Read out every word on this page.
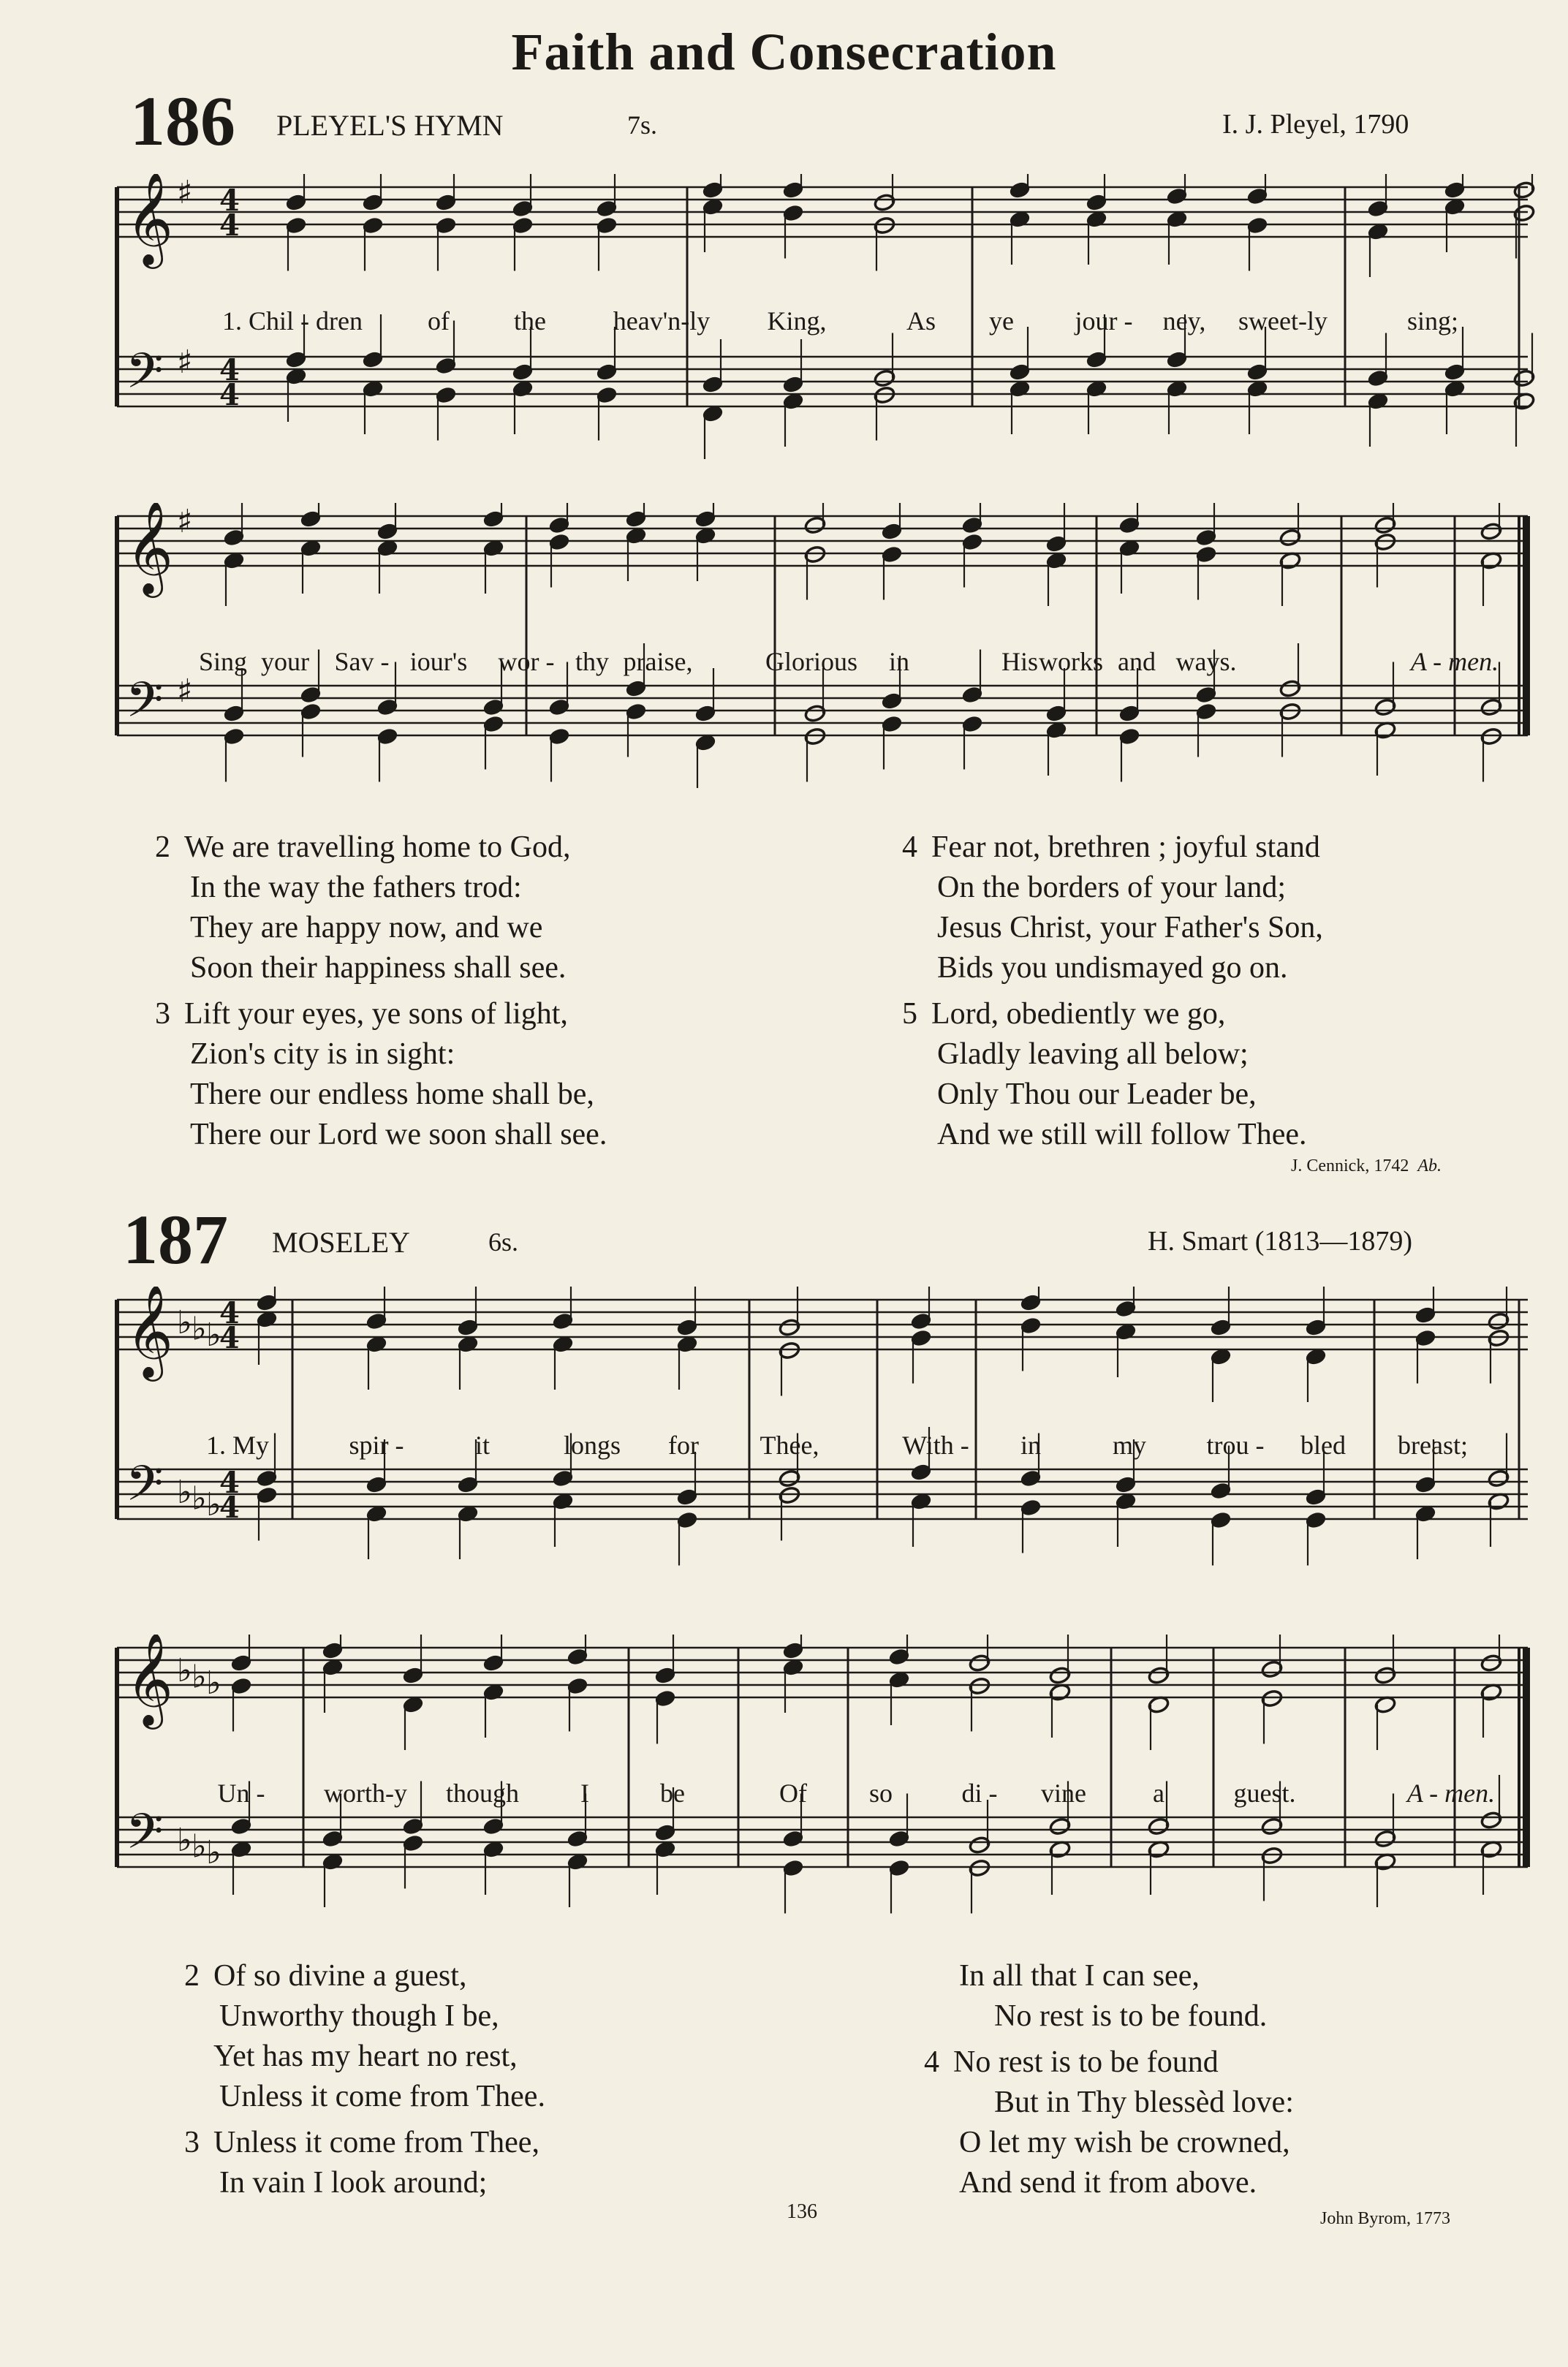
Faith and Consecration
186 PLEYEL'S HYMN	7s.	I. J. Pleyel, 1790
𝄞
𝄢
♯ 4
4
♯ 4
4
𝄞
𝄢
♯
♯
1. Chil - dren of the	heav'n-ly King,	As ye jour - ney, sweet-ly	sing;
Sing your Sav - iour's wor - thy praise,	Glorious in	His works and ways.	A - men.
2 We are travelling home to God,
In the way the fathers trod:
They are happy now, and we
Soon their happiness shall see.
3 Lift your eyes, ye sons of light,
Zion's city is in sight:
There our endless home shall be,
There our Lord we soon shall see.
4 Fear not, brethren ; joyful stand
On the borders of your land;
Jesus Christ, your Father's Son,
Bids you undismayed go on.
5 Lord, obediently we go,
Gladly leaving all below;
Only Thou our Leader be,
And we still will follow Thee.
J. Cennick, 1742 Ab.
187 MOSELEY	6s.	H. Smart (1813—1879)
𝄞
𝄢
♭ ♭ ♭
4
4
♭ ♭ ♭
4
4
𝄞
𝄢
♭ ♭ ♭
♭ ♭ ♭
1. My	spir -	it	longs for Thee,	With - in	my trou - bled breast;
Un - worth-y though I	be	Of so	di - vine	a	guest.	A - men.
2 Of so divine a guest,
Unworthy though I be,
Yet has my heart no rest,
Unless it come from Thee.
3 Unless it come from Thee,
In vain I look around;
In all that I can see,
No rest is to be found.
4 No rest is to be found
But in Thy blessèd love:
O let my wish be crowned,
And send it from above.
John Byrom, 1773
136
